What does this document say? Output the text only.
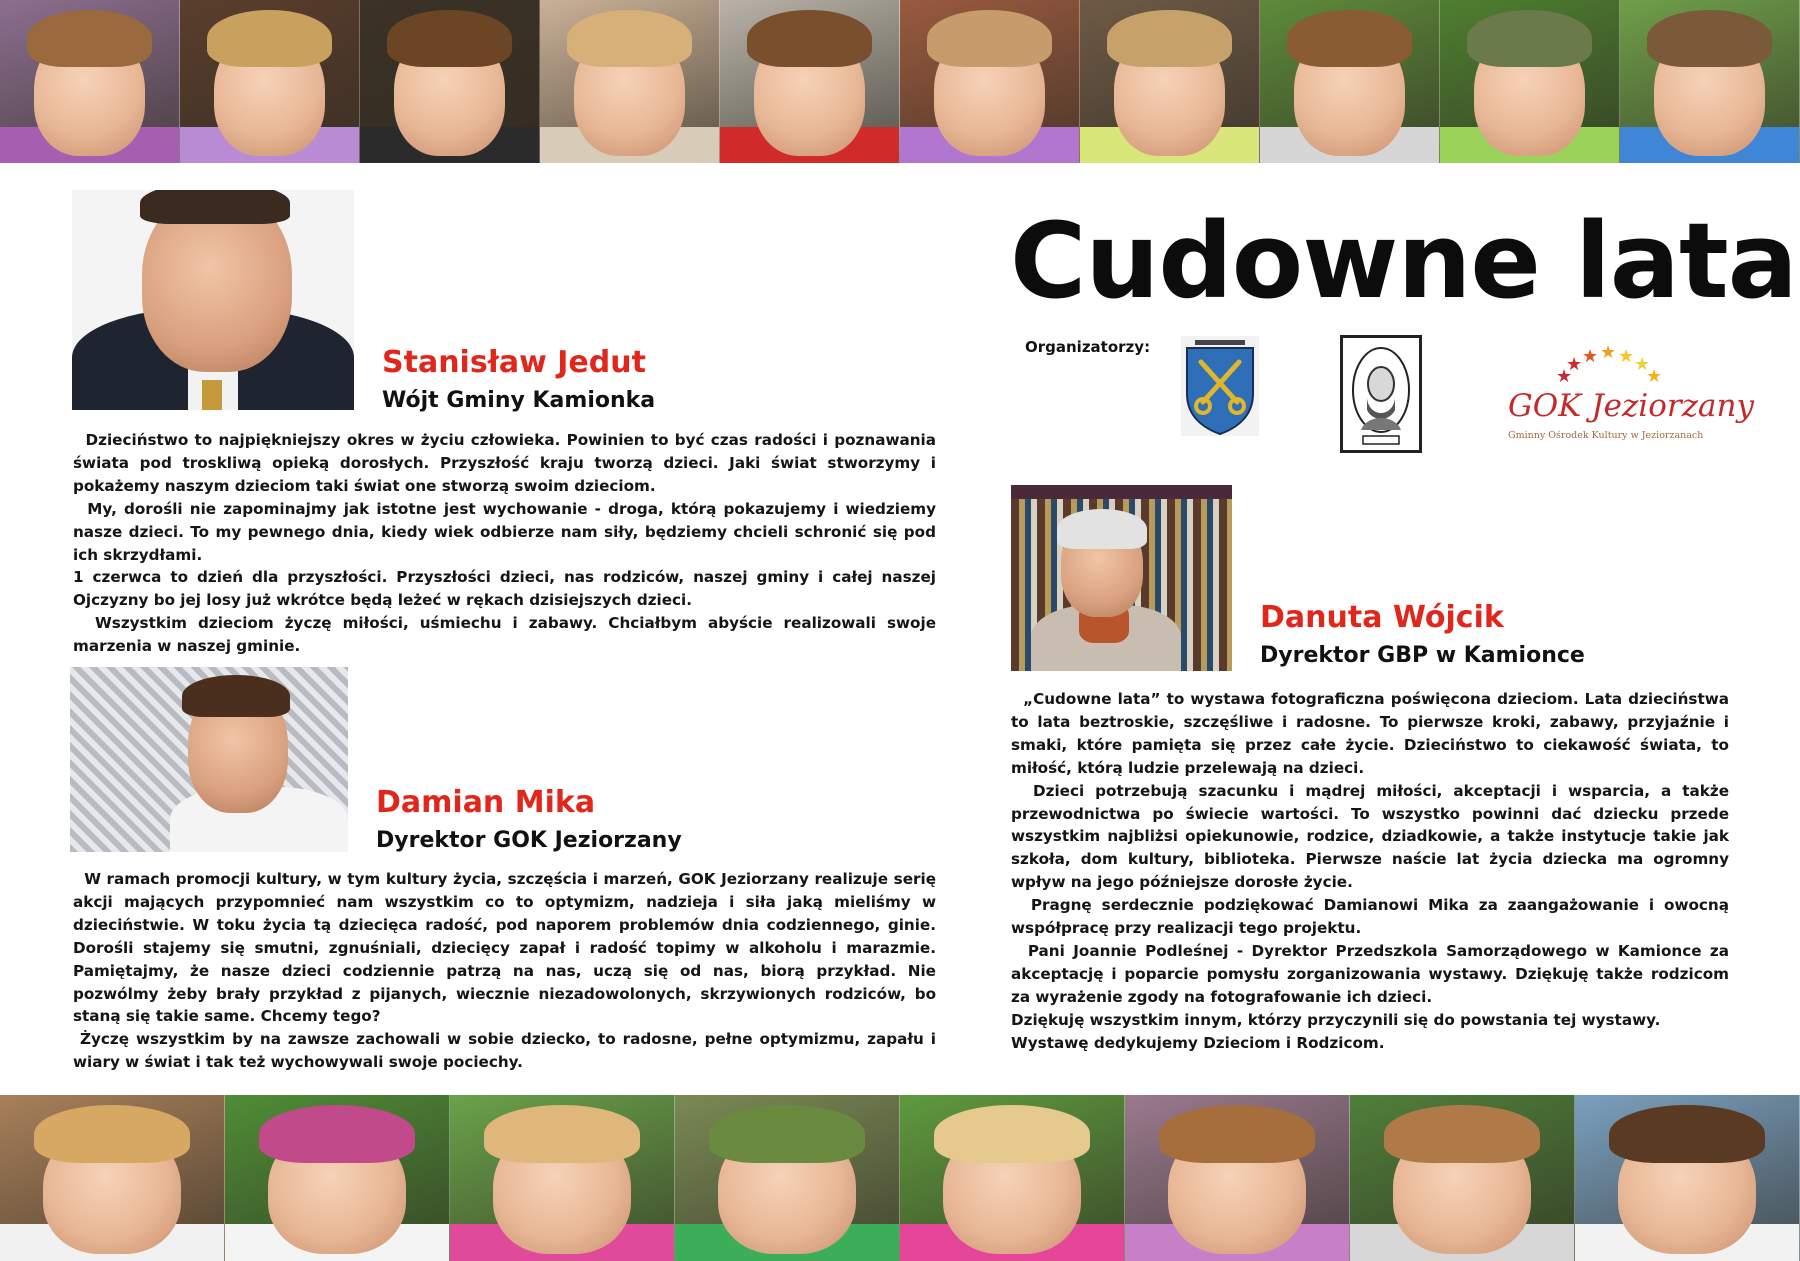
Cudowne lata
Organizatorzy:	★ ★ ★
★
★
★
★
GOK Jeziorzany
Gminny Ośrodek Kultury w Jeziorzanach
Stanisław Jedut
Wójt Gminy Kamionka

Dzieciństwo to najpiękniejszy okres w życiu człowieka. Powinien to być czas radości i poznawania świata pod troskliwą opieką dorosłych. Przyszłość kraju tworzą dzieci. Jaki świat stworzymy i pokażemy naszym dzieciom taki świat one stworzą swoim dzieciom.

My, dorośli nie zapominajmy jak istotne jest wychowanie - droga, którą pokazujemy i wiedziemy nasze dzieci. To my pewnego dnia, kiedy wiek odbierze nam siły, będziemy chcieli schronić się pod ich skrzydłami.

1 czerwca to dzień dla przyszłości. Przyszłości dzieci, nas rodziców, naszej gminy i całej naszej Ojczyzny bo jej losy już wkrótce będą leżeć w rękach dzisiejszych dzieci.

Wszystkim dzieciom życzę miłości, uśmiechu i zabawy. Chciałbym abyście realizowali swoje marzenia w naszej gminie.

Damian Mika
Dyrektor GOK Jeziorzany

W ramach promocji kultury, w tym kultury życia, szczęścia i marzeń, GOK Jeziorzany realizuje serię akcji mających przypomnieć nam wszystkim co to optymizm, nadzieja i siła jaką mieliśmy w dzieciństwie. W toku życia tą dziecięca radość, pod naporem problemów dnia codziennego, ginie. Dorośli stajemy się smutni, zgnuśniali, dziecięcy zapał i radość topimy w alkoholu i marazmie. Pamiętajmy, że nasze dzieci codziennie patrzą na nas, uczą się od nas, biorą przykład. Nie pozwólmy żeby brały przykład z pijanych, wiecznie niezadowolonych, skrzywionych rodziców, bo staną się takie same. Chcemy tego?

Życzę wszystkim by na zawsze zachowali w sobie dziecko, to radosne, pełne optymizmu, zapału i wiary w świat i tak też wychowywali swoje pociechy.

Danuta Wójcik
Dyrektor GBP w Kamionce

„Cudowne lata” to wystawa fotograficzna poświęcona dzieciom. Lata dzieciństwa to lata beztroskie, szczęśliwe i radosne. To pierwsze kroki, zabawy, przyjaźnie i smaki, które pamięta się przez całe życie. Dzieciństwo to ciekawość świata, to miłość, którą ludzie przelewają na dzieci.

Dzieci potrzebują szacunku i mądrej miłości, akceptacji i wsparcia, a także przewodnictwa po świecie wartości. To wszystko powinni dać dziecku przede wszystkim najbliżsi opiekunowie, rodzice, dziadkowie, a także instytucje takie jak szkoła, dom kultury, biblioteka. Pierwsze naście lat życia dziecka ma ogromny wpływ na jego późniejsze dorosłe życie.

Pragnę serdecznie podziękować Damianowi Mika za zaangażowanie i owocną współpracę przy realizacji tego projektu.

Pani Joannie Podleśnej - Dyrektor Przedszkola Samorządowego w Kamionce za akceptację i poparcie pomysłu zorganizowania wystawy. Dziękuję także rodzicom za wyrażenie zgody na fotografowanie ich dzieci.

Dziękuję wszystkim innym, którzy przyczynili się do powstania tej wystawy.

Wystawę dedykujemy Dzieciom i Rodzicom.
